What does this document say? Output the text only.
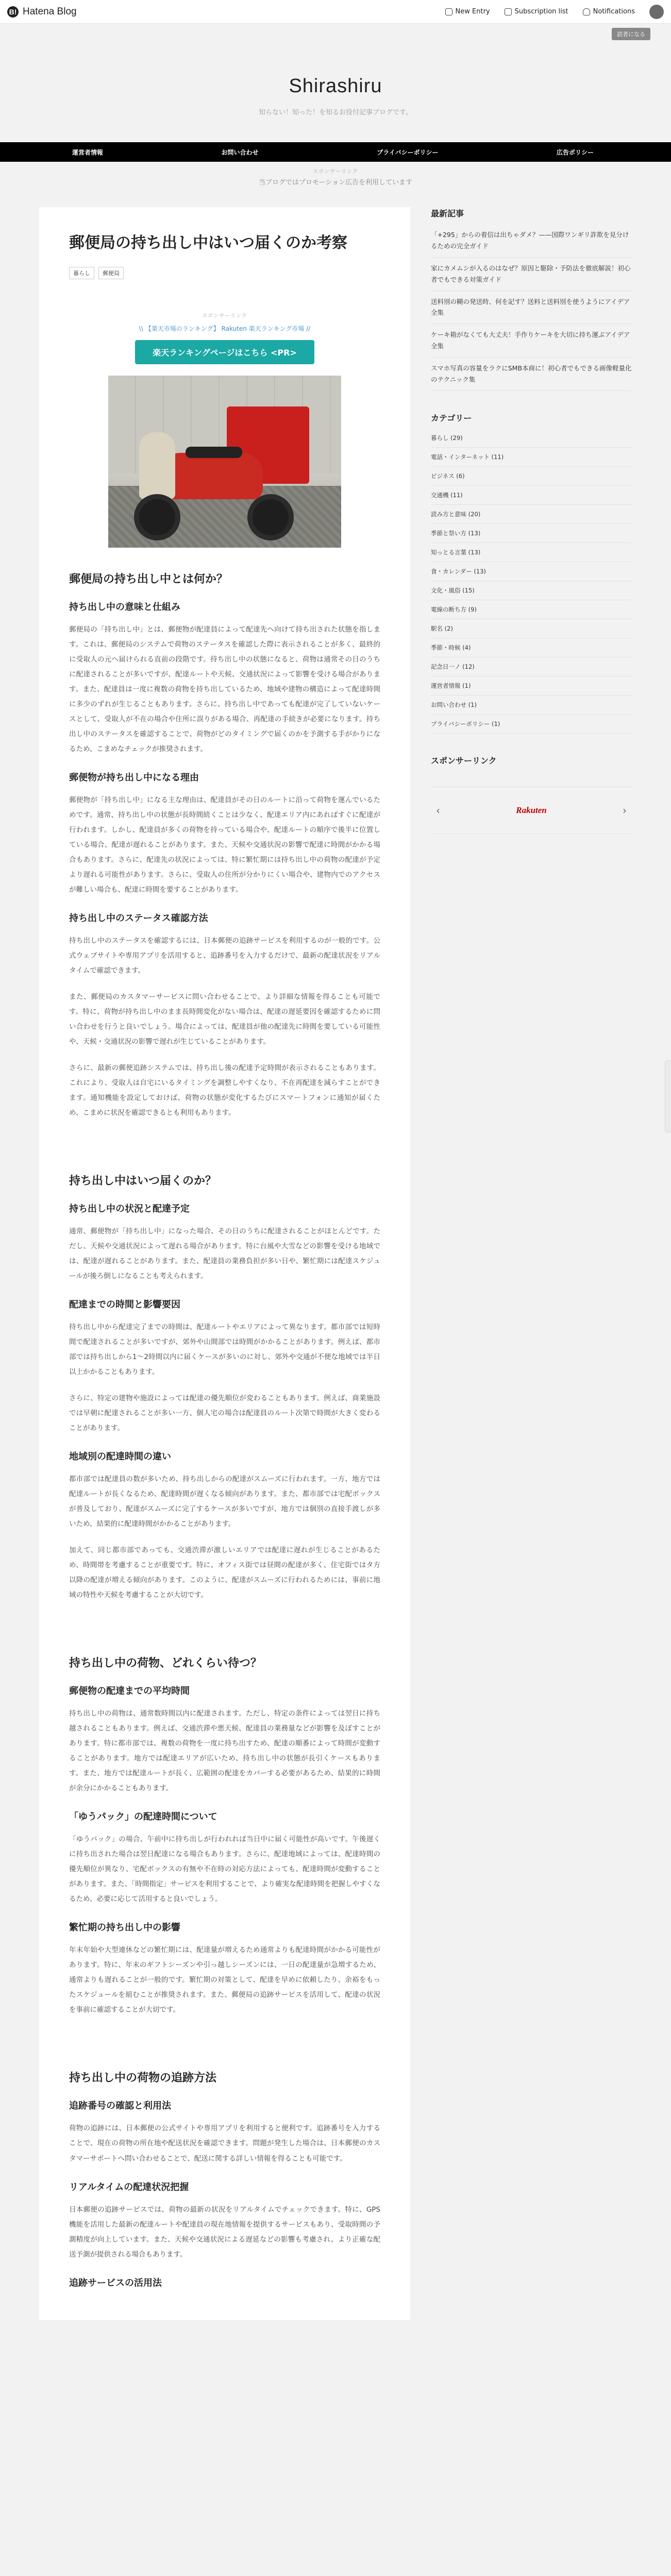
B! Hatena Blog	New Entry	Subscription list	Notifications
読者になる
Shirashiru
知らない！知った！を知るお役付記事ブログです。
運営者情報	お問い合わせ	プライバシーポリシー	広告ポリシー
スポンサーリンク
当ブログではプロモーション広告を利用しています
郵便局の持ち出し中はいつ届くのか考察
暮らし	郵便局
スポンサーリンク
\\ 【楽天市場のランキング】 Rakuten 楽天ランキング市場 //
楽天ランキングページはこちら <PR>
郵便局の持ち出し中とは何か？
持ち出し中の意味と仕組み

郵便局の「持ち出し中」とは、郵便物が配達員によって配達先へ向けて持ち出された状態を指します。これは、郵便局のシステムで荷物のステータスを確認した際に表示されることが多く、最終的に受取人の元へ届けられる直前の段階です。持ち出し中の状態になると、荷物は通常その日のうちに配達されることが多いですが、配達ルートや天候、交通状況によって影響を受ける場合があります。また、配達員は一度に複数の荷物を持ち出しているため、地域や建物の構造によって配達時間に多少のずれが生じることもあります。さらに、持ち出し中であっても配達が完了していないケースとして、受取人が不在の場合や住所に誤りがある場合、再配達の手続きが必要になります。持ち出し中のステータスを確認することで、荷物がどのタイミングで届くのかを予測する手がかりになるため、こまめなチェックが推奨されます。

郵便物が持ち出し中になる理由

郵便物が「持ち出し中」になる主な理由は、配達員がその日のルートに沿って荷物を運んでいるためです。通常、持ち出し中の状態が長時間続くことは少なく、配達エリア内にあればすぐに配達が行われます。しかし、配達員が多くの荷物を持っている場合や、配達ルートの順序で後半に位置している場合、配達が遅れることがあります。また、天候や交通状況の影響で配達に時間がかかる場合もあります。さらに、配達先の状況によっては、特に繁忙期には持ち出し中の荷物の配達が予定より遅れる可能性があります。さらに、受取人の住所が分かりにくい場合や、建物内でのアクセスが難しい場合も、配達に時間を要することがあります。

持ち出し中のステータス確認方法

持ち出し中のステータスを確認するには、日本郵便の追跡サービスを利用するのが一般的です。公式ウェブサイトや専用アプリを活用すると、追跡番号を入力するだけで、最新の配達状況をリアルタイムで確認できます。

また、郵便局のカスタマーサービスに問い合わせることで、より詳細な情報を得ることも可能です。特に、荷物が持ち出し中のまま長時間変化がない場合は、配達の遅延要因を確認するために問い合わせを行うと良いでしょう。場合によっては、配達員が他の配達先に時間を要している可能性や、天候・交通状況の影響で遅れが生じていることがあります。

さらに、最新の郵便追跡システムでは、持ち出し後の配達予定時間が表示されることもあります。これにより、受取人は自宅にいるタイミングを調整しやすくなり、不在再配達を減らすことができます。通知機能を設定しておけば、荷物の状態が変化するたびにスマートフォンに通知が届くため、こまめに状況を確認できるとも利用もあります。

持ち出し中はいつ届くのか？
持ち出し中の状況と配達予定

通常、郵便物が「持ち出し中」になった場合、その日のうちに配達されることがほとんどです。ただし、天候や交通状況によって遅れる場合があります。特に台風や大雪などの影響を受ける地域では、配達が遅れることがあります。また、配達員の業務負担が多い日や、繁忙期には配達スケジュールが後ろ倒しになることも考えられます。

配達までの時間と影響要因

持ち出し中から配達完了までの時間は、配達ルートやエリアによって異なります。都市部では短時間で配達されることが多いですが、郊外や山間部では時間がかかることがあります。例えば、都市部では持ち出しから1〜2時間以内に届くケースが多いのに対し、郊外や交通が不便な地域では半日以上かかることもあります。

さらに、特定の建物や施設によっては配達の優先順位が変わることもあります。例えば、商業施設では早朝に配達されることが多い一方、個人宅の場合は配達員のルート次第で時間が大きく変わることがあります。

地域別の配達時間の違い

都市部では配達員の数が多いため、持ち出しからの配達がスムーズに行われます。一方、地方では配達ルートが長くなるため、配達時間が遅くなる傾向があります。また、都市部では宅配ボックスが普及しており、配達がスムーズに完了するケースが多いですが、地方では個別の直接手渡しが多いため、結果的に配達時間がかかることがあります。

加えて、同じ都市部であっても、交通渋滞が激しいエリアでは配達に遅れが生じることがあるため、時間帯を考慮することが重要です。特に、オフィス街では昼間の配達が多く、住宅街ではタ方以降の配達が増える傾向があります。このように、配達がスムーズに行われるためには、事前に地域の特性や天候を考慮することが大切です。

持ち出し中の荷物、どれくらい待つ？
郵便物の配達までの平均時間

持ち出し中の荷物は、通常数時間以内に配達されます。ただし、特定の条件によっては翌日に持ち越されることもあります。例えば、交通渋滞や悪天候、配達員の業務量などが影響を及ぼすことがあります。特に都市部では、複数の荷物を一度に持ち出すため、配達の順番によって時間が変動することがあります。地方では配達エリアが広いため、持ち出し中の状態が長引くケースもあります。また、地方では配達ルートが長く、広範囲の配達をカバーする必要があるため、結果的に時間が余分にかかることもあります。

「ゆうパック」の配達時間について

「ゆうパック」の場合、午前中に持ち出しが行われれば当日中に届く可能性が高いです。午後遅くに持ち出された場合は翌日配達になる場合もあります。さらに、配達地域によっては、配達時間の優先順位が異なり、宅配ボックスの有無や不在時の対応方法によっても、配達時間が変動することがあります。また、「時間指定」サービスを利用することで、より確実な配達時間を把握しやすくなるため、必要に応じて活用すると良いでしょう。

繁忙期の持ち出し中の影響

年末年始や大型連休などの繁忙期には、配達量が増えるため通常よりも配達時間がかかる可能性があります。特に、年末のギフトシーズンや引っ越しシーズンには、一日の配達量が急増するため、通常よりも遅れることが一般的です。繁忙期の対策として、配達を早めに依頼したり、余裕をもったスケジュールを組むことが推奨されます。また、郵便局の追跡サービスを活用して、配達の状況を事前に確認することが大切です。

持ち出し中の荷物の追跡方法
追跡番号の確認と利用法

荷物の追跡には、日本郵便の公式サイトや専用アプリを利用すると便利です。追跡番号を入力することで、現在の荷物の所在地や配送状況を確認できます。問題が発生した場合は、日本郵便のカスタマーサポートへ問い合わせることで、配送に関する詳しい情報を得ることも可能です。

リアルタイムの配達状況把握

日本郵便の追跡サービスでは、荷物の最新の状況をリアルタイムでチェックできます。特に、GPS機能を活用した最新の配達ルートや配達員の現在地情報を提供するサービスもあり、受取時間の予測精度が向上しています。また、天候や交通状況による遅延などの影響も考慮され、より正確な配送予測が提供される場合もあります。

追跡サービスの活用法
最新記事
「+295」からの着信は出ちゃダメ？——国際ワンギリ詐欺を見分けるための完全ガイド
家にカメムシが入るのはなぜ？原因と駆除・予防法を徹底解説！初心者でもできる対策ガイド
送料別の糊の発送時、何を記す？送料と送料別を使うようにアイデア全集
ケーキ箱がなくても大丈夫！手作りケーキを大切に持ち運ぶアイデア全集
スマホ写真の容量をラクにSMB本商に！初心者でもできる画像軽量化のテクニック集
カテゴリー
暮らし (29)
電話・インターネット (11)
ビジネス (6)
交通機 (11)
読み方と意味 (20)
季節と祭い方 (13)
知っとる言葉 (13)
食・カレンダー (13)
文化・風俗 (15)
電線の断ち方 (9)
駅名 (2)
季節・時候 (4)
記念日一ノ (12)
運営者情報 (1)
お問い合わせ (1)
プライバシーポリシー (1)
スポンサーリンク
‹	Rakuten	›
